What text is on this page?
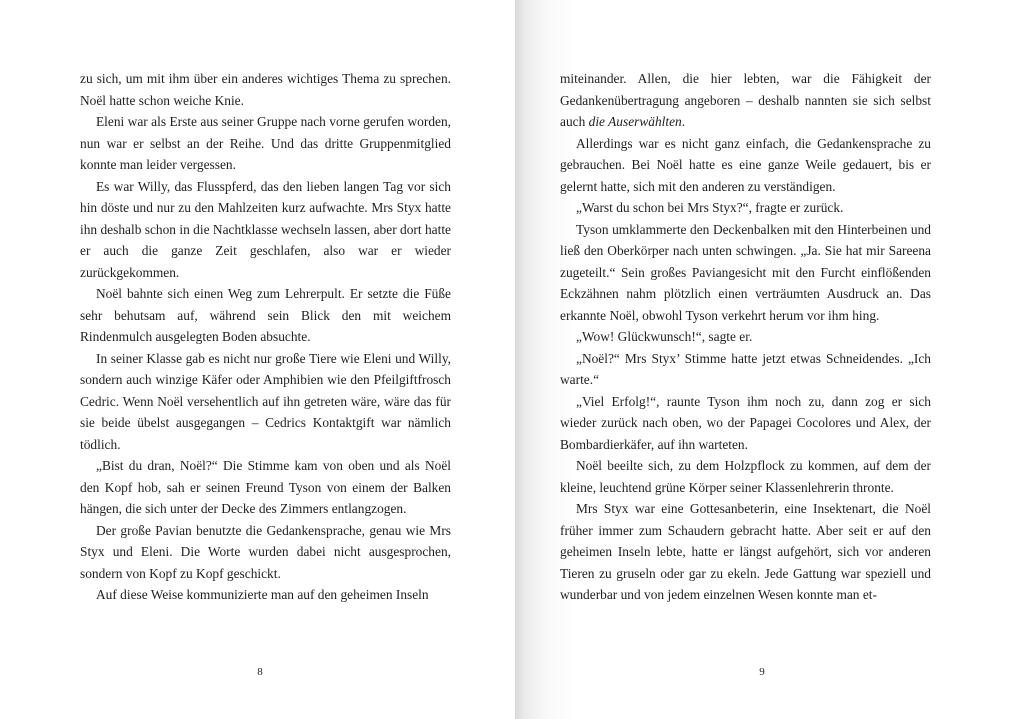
zu sich, um mit ihm über ein anderes wichtiges Thema zu sprechen. Noël hatte schon weiche Knie.

Eleni war als Erste aus seiner Gruppe nach vorne gerufen worden, nun war er selbst an der Reihe. Und das dritte Gruppenmitglied konnte man leider vergessen.

Es war Willy, das Flusspferd, das den lieben langen Tag vor sich hin döste und nur zu den Mahlzeiten kurz aufwachte. Mrs Styx hatte ihn deshalb schon in die Nachtklasse wechseln lassen, aber dort hatte er auch die ganze Zeit geschlafen, also war er wieder zurückgekommen.

Noël bahnte sich einen Weg zum Lehrerpult. Er setzte die Füße sehr behutsam auf, während sein Blick den mit weichem Rindenmulch ausgelegten Boden absuchte.

In seiner Klasse gab es nicht nur große Tiere wie Eleni und Willy, sondern auch winzige Käfer oder Amphibien wie den Pfeilgiftfrosch Cedric. Wenn Noël versehentlich auf ihn getreten wäre, wäre das für sie beide übelst ausgegangen – Cedrics Kontaktgift war nämlich tödlich.

„Bist du dran, Noël?“ Die Stimme kam von oben und als Noël den Kopf hob, sah er seinen Freund Tyson von einem der Balken hängen, die sich unter der Decke des Zimmers entlangzogen.

Der große Pavian benutzte die Gedankensprache, genau wie Mrs Styx und Eleni. Die Worte wurden dabei nicht ausgesprochen, sondern von Kopf zu Kopf geschickt.

Auf diese Weise kommunizierte man auf den geheimen Inseln

8

miteinander. Allen, die hier lebten, war die Fähigkeit der Gedankenübertragung angeboren – deshalb nannten sie sich selbst auch die Auserwählten.

Allerdings war es nicht ganz einfach, die Gedankensprache zu gebrauchen. Bei Noël hatte es eine ganze Weile gedauert, bis er gelernt hatte, sich mit den anderen zu verständigen.

„Warst du schon bei Mrs Styx?“, fragte er zurück.

Tyson umklammerte den Deckenbalken mit den Hinterbeinen und ließ den Oberkörper nach unten schwingen. „Ja. Sie hat mir Sareena zugeteilt.“ Sein großes Paviangesicht mit den Furcht einflößenden Eckzähnen nahm plötzlich einen verträumten Ausdruck an. Das erkannte Noël, obwohl Tyson verkehrt herum vor ihm hing.

„Wow! Glückwunsch!“, sagte er.

„Noël?“ Mrs Styx’ Stimme hatte jetzt etwas Schneidendes. „Ich warte.“

„Viel Erfolg!“, raunte Tyson ihm noch zu, dann zog er sich wieder zurück nach oben, wo der Papagei Cocolores und Alex, der Bombardierkäfer, auf ihn warteten.

Noël beeilte sich, zu dem Holzpflock zu kommen, auf dem der kleine, leuchtend grüne Körper seiner Klassenlehrerin thronte.

Mrs Styx war eine Gottesanbeterin, eine Insektenart, die Noël früher immer zum Schaudern gebracht hatte. Aber seit er auf den geheimen Inseln lebte, hatte er längst aufgehört, sich vor anderen Tieren zu gruseln oder gar zu ekeln. Jede Gattung war speziell und wunderbar und von jedem einzelnen Wesen konnte man et-

9
